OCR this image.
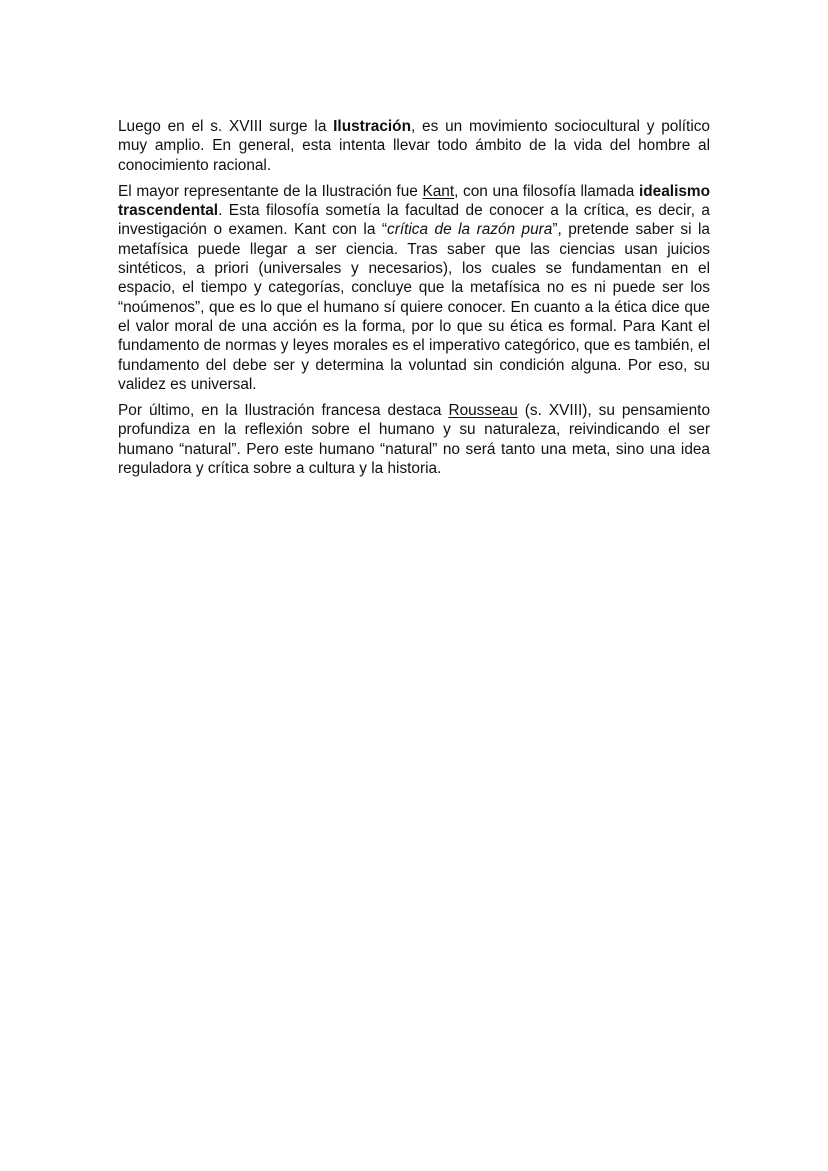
Luego en el s. XVIII surge la Ilustración, es un movimiento sociocultural y político muy amplio. En general, esta intenta llevar todo ámbito de la vida del hombre al conocimiento racional.

El mayor representante de la Ilustración fue Kant, con una filosofía llamada idealismo trascendental. Esta filosofía sometía la facultad de conocer a la crítica, es decir, a investigación o examen. Kant con la “crítica de la razón pura”, pretende saber si la metafísica puede llegar a ser ciencia. Tras saber que las ciencias usan juicios sintéticos, a priori (universales y necesarios), los cuales se fundamentan en el espacio, el tiempo y categorías, concluye que la metafísica no es ni puede ser los “noúmenos”, que es lo que el humano sí quiere conocer. En cuanto a la ética dice que el valor moral de una acción es la forma, por lo que su ética es formal. Para Kant el fundamento de normas y leyes morales es el imperativo categórico, que es también, el fundamento del debe ser y determina la voluntad sin condición alguna. Por eso, su validez es universal.

Por último, en la Ilustración francesa destaca Rousseau (s. XVIII), su pensamiento profundiza en la reflexión sobre el humano y su naturaleza, reivindicando el ser humano “natural”. Pero este humano “natural” no será tanto una meta, sino una idea reguladora y crítica sobre a cultura y la historia.
